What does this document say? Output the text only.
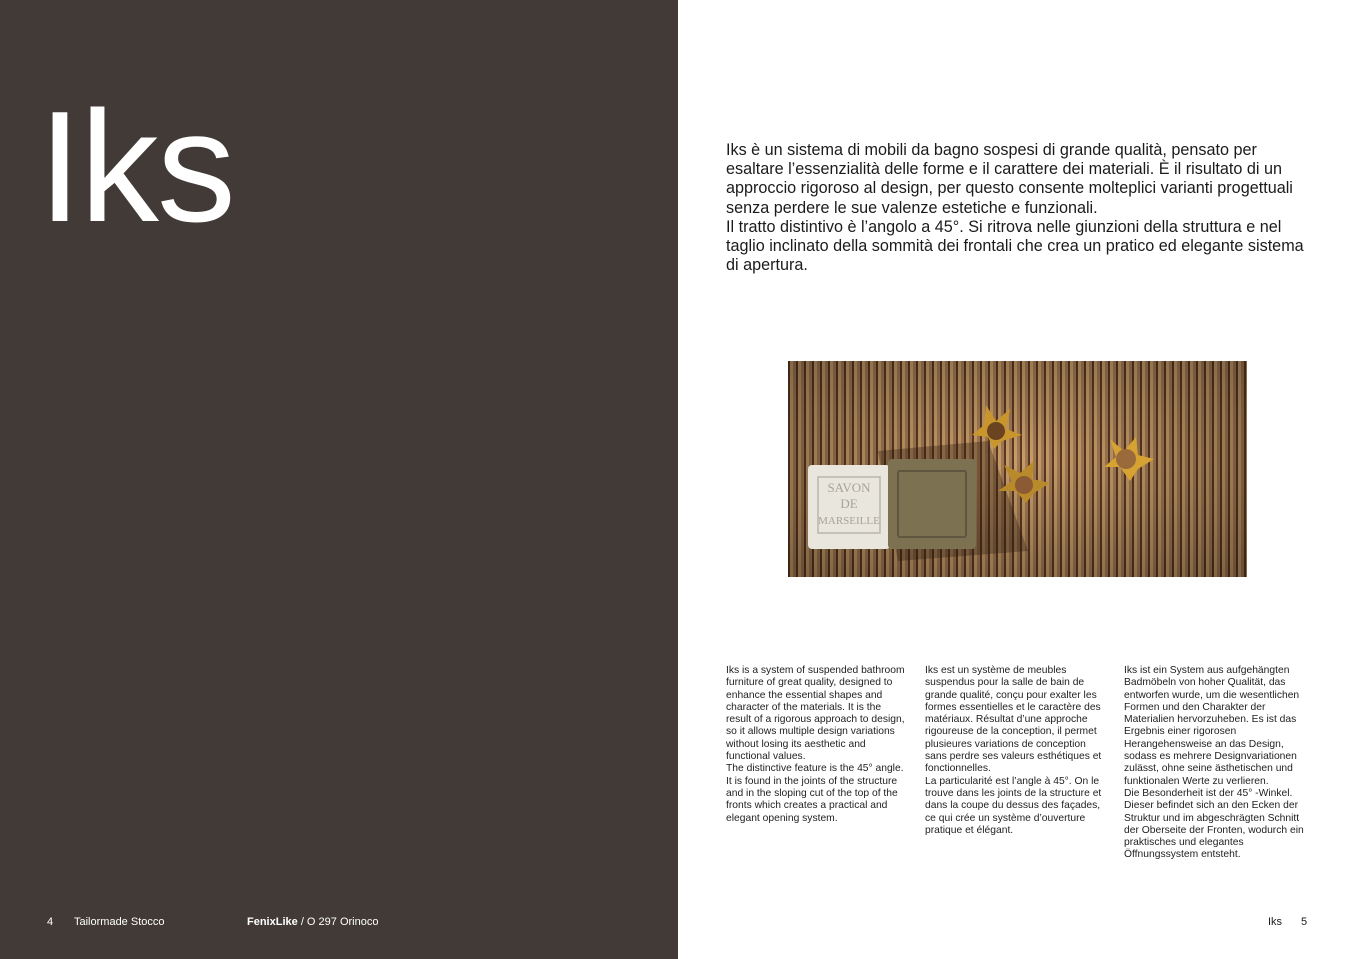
Iks
4 Tailormade Stocco	FenixLike / O 297 Orinoco

Iks è un sistema di mobili da bagno sospesi di grande qualità, pensato per esaltare l’essenzialità delle forme e il carattere dei materiali. È il risultato di un approccio rigoroso al design, per questo consente molteplici varianti progettuali senza perdere le sue valenze estetiche e funzionali.

Il tratto distintivo è l’angolo a 45°. Si ritrova nelle giunzioni della struttura e nel taglio inclinato della sommità dei frontali che crea un pratico ed elegante sistema di apertura.

SAVON
DE
MARSEILLE

Iks is a system of suspended bathroom furniture of great quality, designed to enhance the essential shapes and character of the materials. It is the result of a rigorous approach to design, so it allows multiple design variations without losing its aesthetic and functional values.

The distinctive feature is the 45° angle. It is found in the joints of the structure and in the sloping cut of the top of the fronts which creates a practical and elegant opening system.

Iks est un système de meubles suspendus pour la salle de bain de grande qualité, conçu pour exalter les formes essentielles et le caractère des matériaux. Résultat d’une approche rigoureuse de la conception, il permet plusieures variations de conception sans perdre ses valeurs esthétiques et fonctionnelles.

La particularité est l’angle à 45°. On le trouve dans les joints de la structure et dans la coupe du dessus des façades, ce qui crée un système d’ouverture pratique et élégant.

Iks ist ein System aus aufgehängten Badmöbeln von hoher Qualität, das entworfen wurde, um die wesentlichen Formen und den Charakter der Materialien hervorzuheben. Es ist das Ergebnis einer rigorosen Herangehensweise an das Design, sodass es mehrere Designvariationen zulässt, ohne seine ästhetischen und funktionalen Werte zu verlieren.

Die Besonderheit ist der 45° -Winkel. Dieser befindet sich an den Ecken der Struktur und im abgeschrägten Schnitt der Oberseite der Fronten, wodurch ein praktisches und elegantes Öffnungssystem entsteht.

Iks 5
